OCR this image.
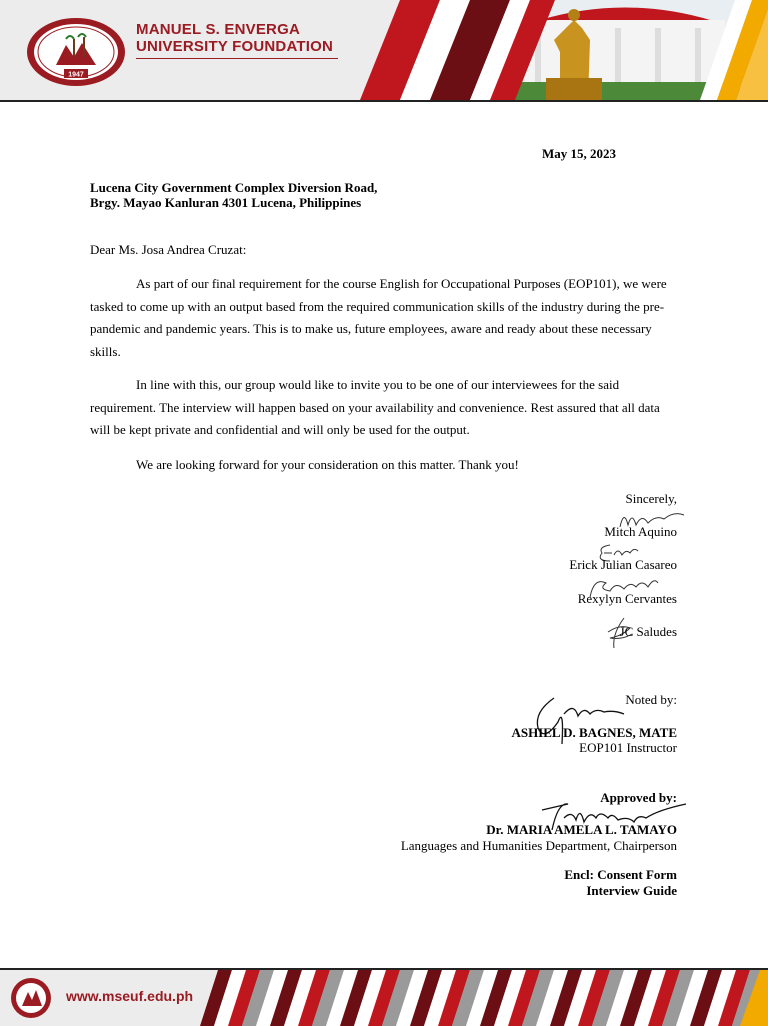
1947
MANUEL S. ENVERGA
UNIVERSITY FOUNDATION
May 15, 2023
Lucena City Government Complex Diversion Road,
Brgy. Mayao Kanluran 4301 Lucena, Philippines
Dear Ms. Josa Andrea Cruzat:
As part of our final requirement for the course English for Occupational Purposes (EOP101), we were tasked to come up with an output based from the required communication skills of the industry during the pre-pandemic and pandemic years. This is to make us, future employees, aware and ready about these necessary skills.
In line with this, our group would like to invite you to be one of our interviewees for the said requirement. The interview will happen based on your availability and convenience. Rest assured that all data will be kept private and confidential and will only be used for the output.
We are looking forward for your consideration on this matter. Thank you!
Sincerely,
Mitch Aquino
Erick Julian Casareo
Rexylyn Cervantes
JC Saludes
Noted by:
ASHIEL D. BAGNES, MATE
EOP101 Instructor
Approved by:
Dr. MARIA AMELA L. TAMAYO
Languages and Humanities Department, Chairperson
Encl: Consent Form
Interview Guide
www.mseuf.edu.ph
